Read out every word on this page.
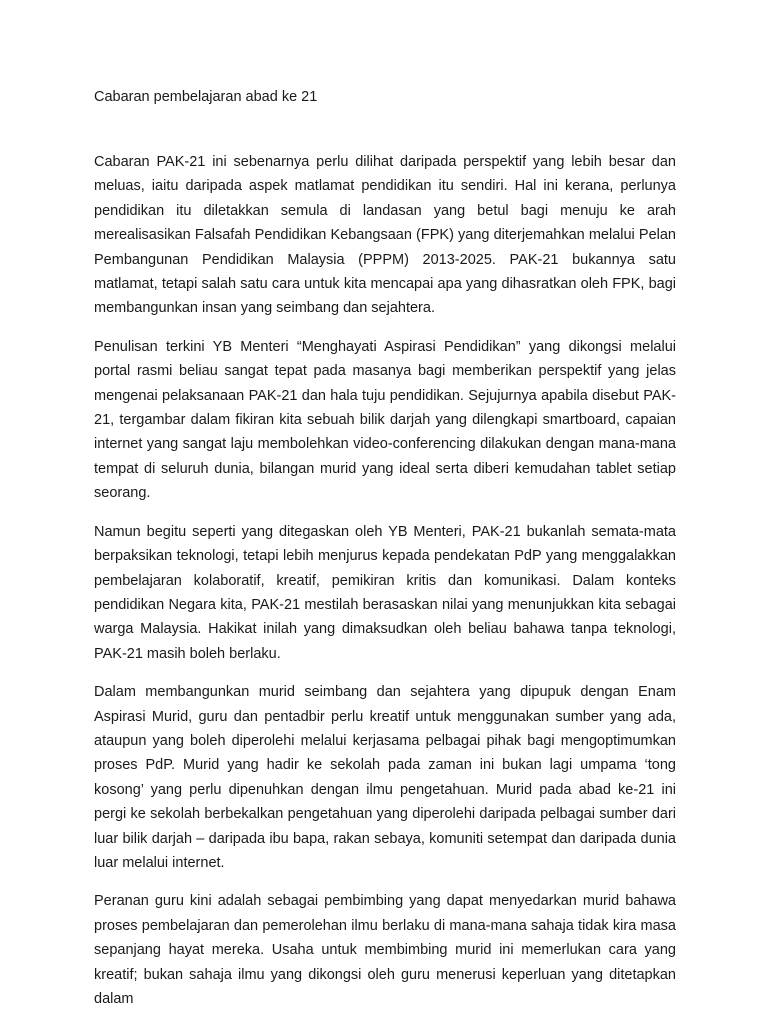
Cabaran pembelajaran abad ke 21

Cabaran PAK-21 ini sebenarnya perlu dilihat daripada perspektif yang lebih besar dan meluas, iaitu daripada aspek matlamat pendidikan itu sendiri. Hal ini kerana, perlunya pendidikan itu diletakkan semula di landasan yang betul bagi menuju ke arah merealisasikan Falsafah Pendidikan Kebangsaan (FPK) yang diterjemahkan melalui Pelan Pembangunan Pendidikan Malaysia (PPPM) 2013-2025. PAK-21 bukannya satu matlamat, tetapi salah satu cara untuk kita mencapai apa yang dihasratkan oleh FPK, bagi membangunkan insan yang seimbang dan sejahtera.

Penulisan terkini YB Menteri “Menghayati Aspirasi Pendidikan” yang dikongsi melalui portal rasmi beliau sangat tepat pada masanya bagi memberikan perspektif yang jelas mengenai pelaksanaan PAK-21 dan hala tuju pendidikan. Sejujurnya apabila disebut PAK-21, tergambar dalam fikiran kita sebuah bilik darjah yang dilengkapi smartboard, capaian internet yang sangat laju membolehkan video-conferencing dilakukan dengan mana-mana tempat di seluruh dunia, bilangan murid yang ideal serta diberi kemudahan tablet setiap seorang.

Namun begitu seperti yang ditegaskan oleh YB Menteri, PAK-21 bukanlah semata-mata berpaksikan teknologi, tetapi lebih menjurus kepada pendekatan PdP yang menggalakkan pembelajaran kolaboratif, kreatif, pemikiran kritis dan komunikasi. Dalam konteks pendidikan Negara kita, PAK-21 mestilah berasaskan nilai yang menunjukkan kita sebagai warga Malaysia. Hakikat inilah yang dimaksudkan oleh beliau bahawa tanpa teknologi, PAK-21 masih boleh berlaku.

Dalam membangunkan murid seimbang dan sejahtera yang dipupuk dengan Enam Aspirasi Murid, guru dan pentadbir perlu kreatif untuk menggunakan sumber yang ada, ataupun yang boleh diperolehi melalui kerjasama pelbagai pihak bagi mengoptimumkan proses PdP. Murid yang hadir ke sekolah pada zaman ini bukan lagi umpama ‘tong kosong’ yang perlu dipenuhkan dengan ilmu pengetahuan. Murid pada abad ke-21 ini pergi ke sekolah berbekalkan pengetahuan yang diperolehi daripada pelbagai sumber dari luar bilik darjah – daripada ibu bapa, rakan sebaya, komuniti setempat dan daripada dunia luar melalui internet.

Peranan guru kini adalah sebagai pembimbing yang dapat menyedarkan murid bahawa proses pembelajaran dan pemerolehan ilmu berlaku di mana-mana sahaja tidak kira masa sepanjang hayat mereka. Usaha untuk membimbing murid ini memerlukan cara yang kreatif; bukan sahaja ilmu yang dikongsi oleh guru menerusi keperluan yang ditetapkan dalam
